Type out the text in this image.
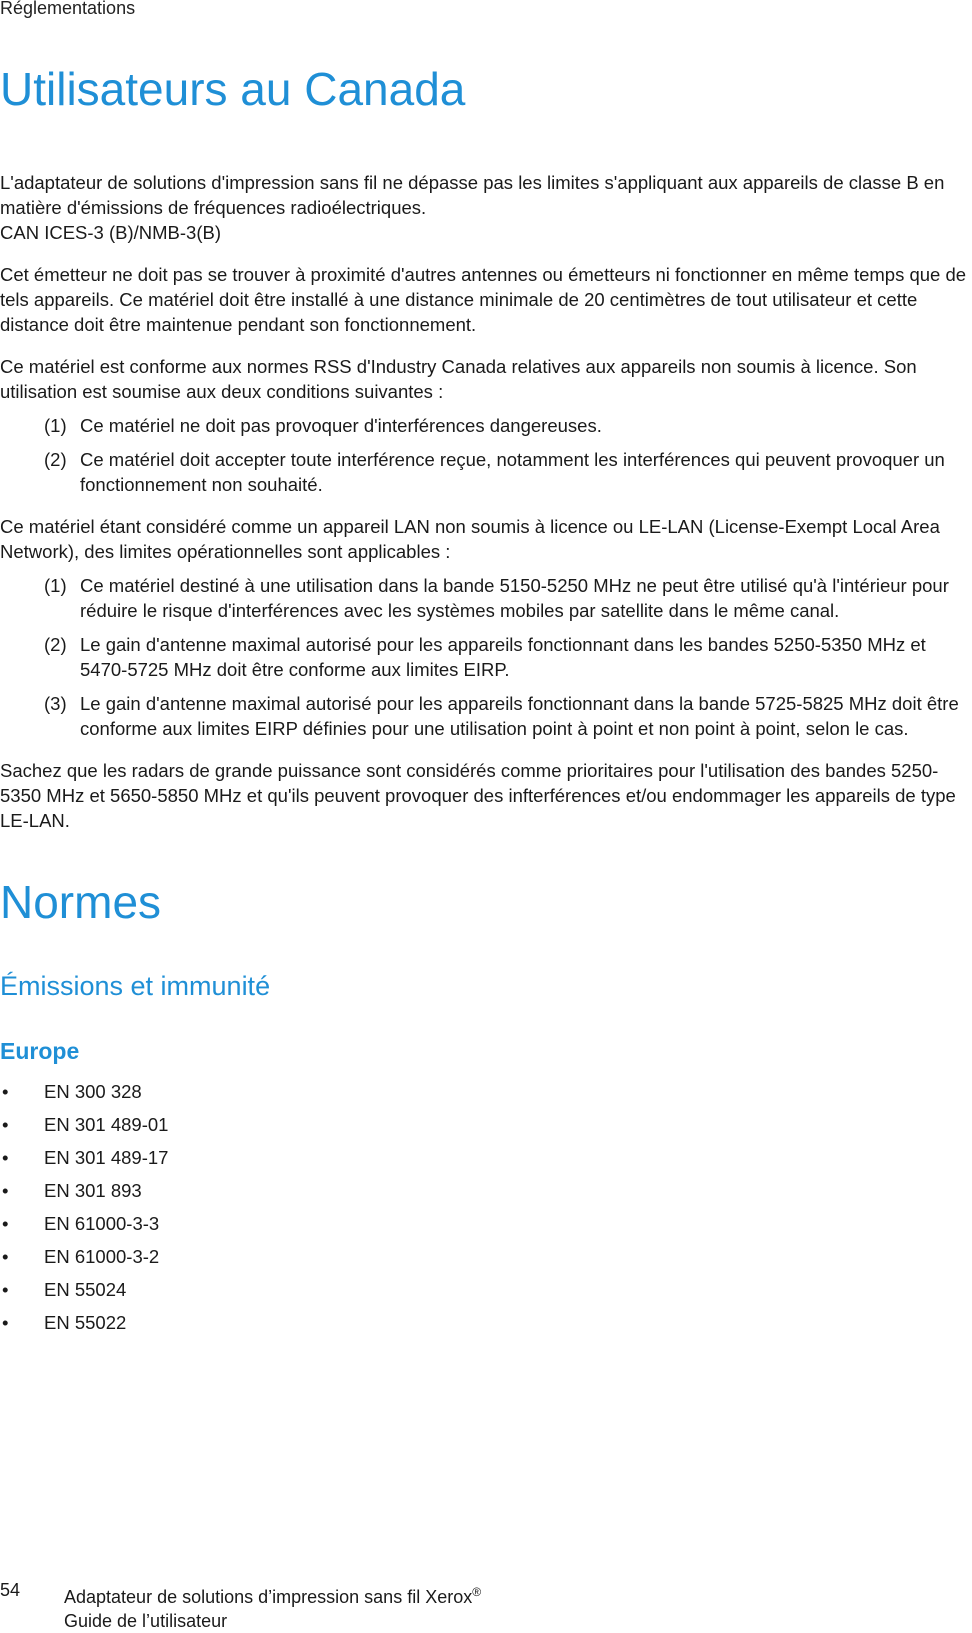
Réglementations
Utilisateurs au Canada

L'adaptateur de solutions d'impression sans fil ne dépasse pas les limites s'appliquant aux appareils de classe B en matière d'émissions de fréquences radioélectriques.
CAN ICES-3 (B)/NMB-3(B)

Cet émetteur ne doit pas se trouver à proximité d'autres antennes ou émetteurs ni fonctionner en même temps que de tels appareils. Ce matériel doit être installé à une distance minimale de 20 centimètres de tout utilisateur et cette distance doit être maintenue pendant son fonctionnement.

Ce matériel est conforme aux normes RSS d'Industry Canada relatives aux appareils non soumis à licence. Son utilisation est soumise aux deux conditions suivantes :

(1) Ce matériel ne doit pas provoquer d'interférences dangereuses.
(2) Ce matériel doit accepter toute interférence reçue, notamment les interférences qui peuvent provoquer un fonctionnement non souhaité.

Ce matériel étant considéré comme un appareil LAN non soumis à licence ou LE-LAN (License-Exempt Local Area Network), des limites opérationnelles sont applicables :

(1) Ce matériel destiné à une utilisation dans la bande 5150-5250 MHz ne peut être utilisé qu'à l'intérieur pour réduire le risque d'interférences avec les systèmes mobiles par satellite dans le même canal.
(2) Le gain d'antenne maximal autorisé pour les appareils fonctionnant dans les bandes 5250-5350 MHz et 5470-5725 MHz doit être conforme aux limites EIRP.
(3) Le gain d'antenne maximal autorisé pour les appareils fonctionnant dans la bande 5725-5825 MHz doit être conforme aux limites EIRP définies pour une utilisation point à point et non point à point, selon le cas.

Sachez que les radars de grande puissance sont considérés comme prioritaires pour l'utilisation des bandes 5250-5350 MHz et 5650-5850 MHz et qu'ils peuvent provoquer des infterférences et/ou endommager les appareils de type LE-LAN.

Normes
Émissions et immunité
Europe
• EN 300 328
• EN 301 489-01
• EN 301 489-17
• EN 301 893
• EN 61000-3-3
• EN 61000-3-2
• EN 55024
• EN 55022
54 Adaptateur de solutions d’impression sans fil Xerox®
Guide de l’utilisateur
